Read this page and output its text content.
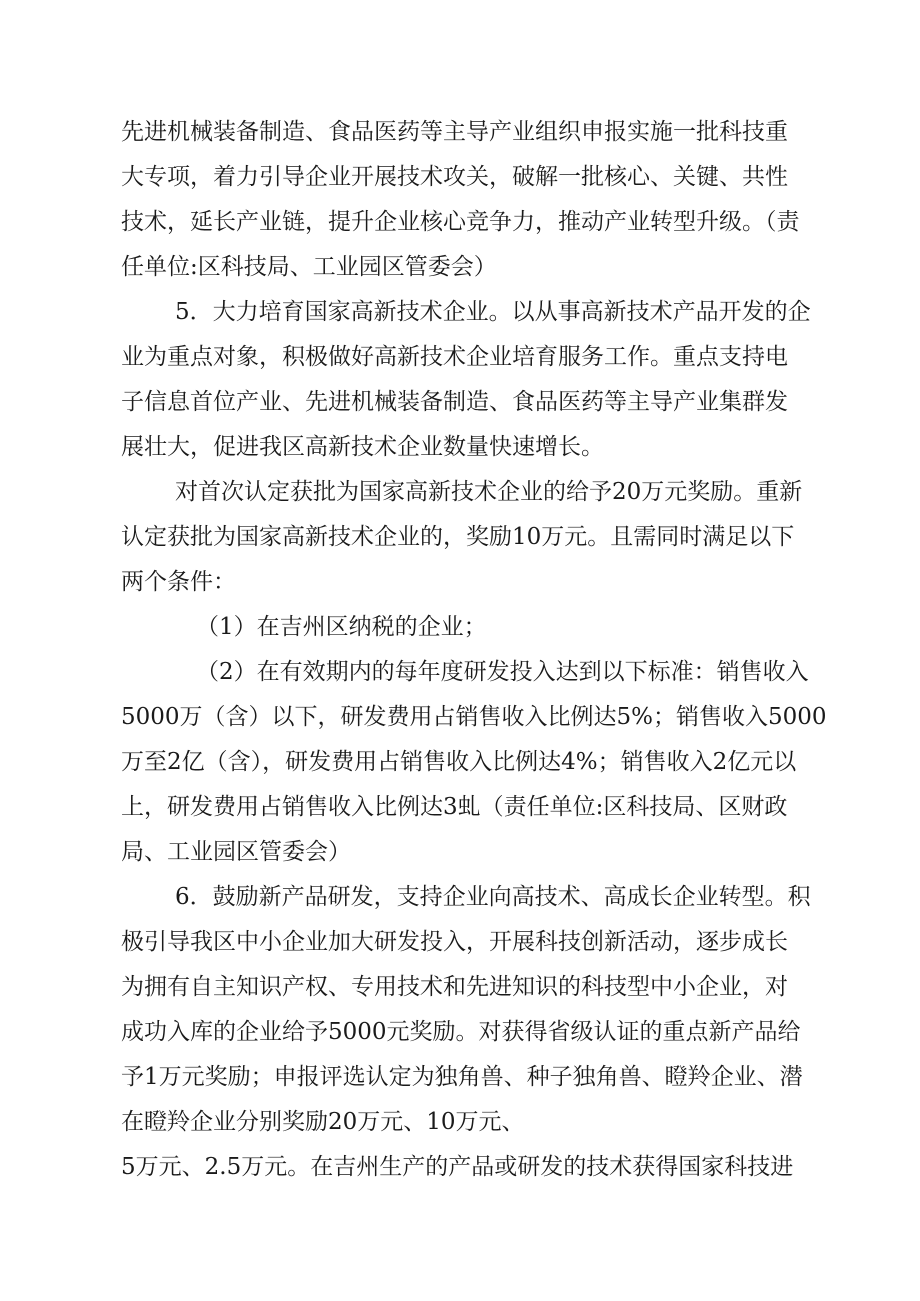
先进机械装备制造、食品医药等主导产业组织申报实施一批科技重
大专项，着力引导企业开展技术攻关，破解一批核心、关键、共性
技术，延长产业链，提升企业核心竞争力，推动产业转型升级。（责
任单位:区科技局、工业园区管委会）
5．大力培育国家高新技术企业。以从事高新技术产品开发的企
业为重点对象，积极做好高新技术企业培育服务工作。重点支持电
子信息首位产业、先进机械装备制造、食品医药等主导产业集群发
展壮大，促进我区高新技术企业数量快速增长。
对首次认定获批为国家高新技术企业的给予20万元奖励。重新
认定获批为国家高新技术企业的，奖励10万元。且需同时满足以下
两个条件：
（1）在吉州区纳税的企业；
（2）在有效期内的每年度研发投入达到以下标准：销售收入
5000万（含）以下，研发费用占销售收入比例达5%；销售收入5000
万至2亿（含），研发费用占销售收入比例达4%；销售收入2亿元以
上，研发费用占销售收入比例达3虬（责任单位:区科技局、区财政
局、工业园区管委会）
6．鼓励新产品研发，支持企业向高技术、高成长企业转型。积
极引导我区中小企业加大研发投入，开展科技创新活动，逐步成长
为拥有自主知识产权、专用技术和先进知识的科技型中小企业，对
成功入库的企业给予5000元奖励。对获得省级认证的重点新产品给
予1万元奖励；申报评选认定为独角兽、种子独角兽、瞪羚企业、潜
在瞪羚企业分别奖励20万元、10万元、
5万元、2.5万元。在吉州生产的产品或研发的技术获得国家科技进
